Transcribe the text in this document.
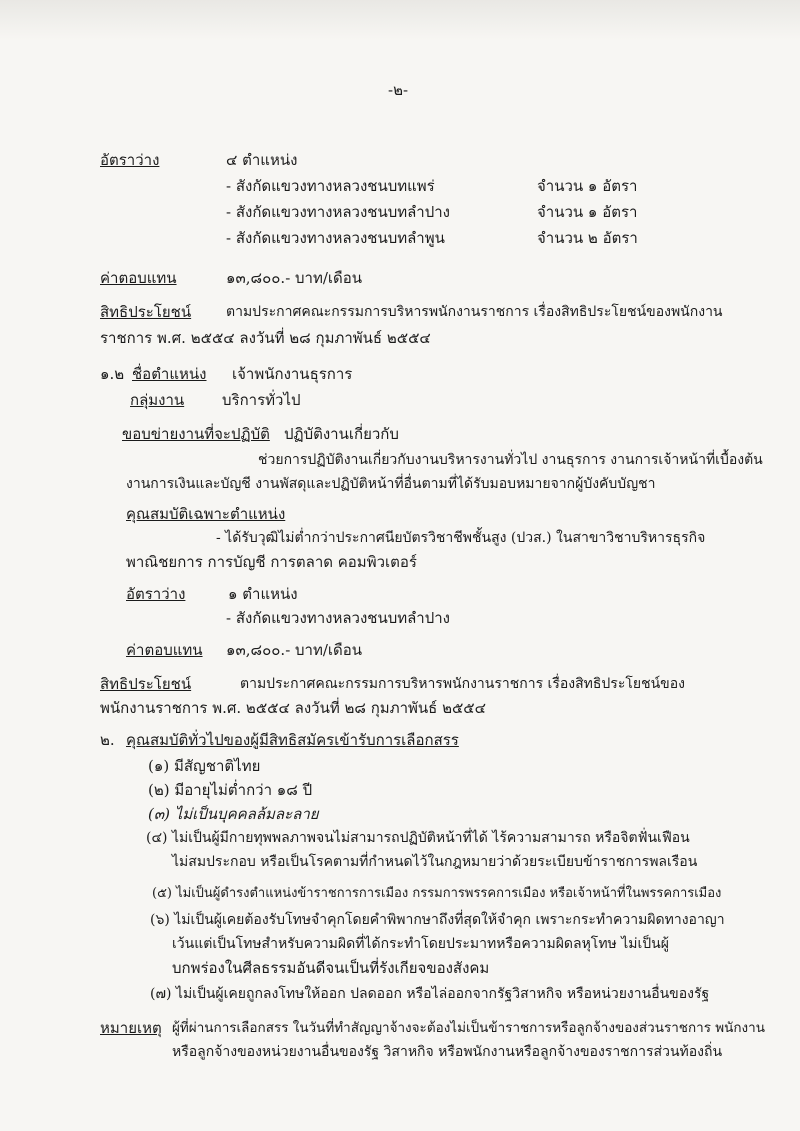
-๒-
อัตราว่าง	๔ ตำแหน่ง
- สังกัดแขวงทางหลวงชนบทแพร่	จำนวน ๑ อัตรา
- สังกัดแขวงทางหลวงชนบทลำปาง	จำนวน ๑ อัตรา
- สังกัดแขวงทางหลวงชนบทลำพูน	จำนวน ๒ อัตรา
ค่าตอบแทน	๑๓,๘๐๐.- บาท/เดือน
สิทธิประโยชน์ ตามประกาศคณะกรรมการบริหารพนักงานราชการ เรื่องสิทธิประโยชน์ของพนักงาน
ราชการ พ.ศ. ๒๕๕๔ ลงวันที่ ๒๘ กุมภาพันธ์ ๒๕๕๔
๑.๒ ชื่อตำแหน่ง เจ้าพนักงานธุรการ
กลุ่มงาน	บริการทั่วไป
ขอบข่ายงานที่จะปฏิบัติ ปฏิบัติงานเกี่ยวกับ
ช่วยการปฏิบัติงานเกี่ยวกับงานบริหารงานทั่วไป งานธุรการ งานการเจ้าหน้าที่เบื้องต้น
งานการเงินและบัญชี งานพัสดุและปฏิบัติหน้าที่อื่นตามที่ได้รับมอบหมายจากผู้บังคับบัญชา
คุณสมบัติเฉพาะตำแหน่ง
- ได้รับวุฒิไม่ต่ำกว่าประกาศนียบัตรวิชาชีพชั้นสูง (ปวส.) ในสาขาวิชาบริหารธุรกิจ
พาณิชยการ การบัญชี การตลาด คอมพิวเตอร์
อัตราว่าง	๑ ตำแหน่ง
- สังกัดแขวงทางหลวงชนบทลำปาง
ค่าตอบแทน ๑๓,๘๐๐.- บาท/เดือน
สิทธิประโยชน์	ตามประกาศคณะกรรมการบริหารพนักงานราชการ เรื่องสิทธิประโยชน์ของ
พนักงานราชการ พ.ศ. ๒๕๕๔ ลงวันที่ ๒๘ กุมภาพันธ์ ๒๕๕๔
๒. คุณสมบัติทั่วไปของผู้มีสิทธิสมัครเข้ารับการเลือกสรร
(๑) มีสัญชาติไทย
(๒) มีอายุไม่ต่ำกว่า ๑๘ ปี
(๓) ไม่เป็นบุคคลล้มละลาย
(๔) ไม่เป็นผู้มีกายทุพพลภาพจนไม่สามารถปฏิบัติหน้าที่ได้ ไร้ความสามารถ หรือจิตฟั่นเฟือน
ไม่สมประกอบ หรือเป็นโรคตามที่กำหนดไว้ในกฎหมายว่าด้วยระเบียบข้าราชการพลเรือน
(๕) ไม่เป็นผู้ดำรงตำแหน่งข้าราชการการเมือง กรรมการพรรคการเมือง หรือเจ้าหน้าที่ในพรรคการเมือง
(๖) ไม่เป็นผู้เคยต้องรับโทษจำคุกโดยคำพิพากษาถึงที่สุดให้จำคุก เพราะกระทำความผิดทางอาญา
เว้นแต่เป็นโทษสำหรับความผิดที่ได้กระทำโดยประมาทหรือความผิดลหุโทษ ไม่เป็นผู้
บกพร่องในศีลธรรมอันดีจนเป็นที่รังเกียจของสังคม
(๗) ไม่เป็นผู้เคยถูกลงโทษให้ออก ปลดออก หรือไล่ออกจากรัฐวิสาหกิจ หรือหน่วยงานอื่นของรัฐ
หมายเหตุ ผู้ที่ผ่านการเลือกสรร ในวันที่ทำสัญญาจ้างจะต้องไม่เป็นข้าราชการหรือลูกจ้างของส่วนราชการ พนักงาน
หรือลูกจ้างของหน่วยงานอื่นของรัฐ วิสาหกิจ หรือพนักงานหรือลูกจ้างของราชการส่วนท้องถิ่น
